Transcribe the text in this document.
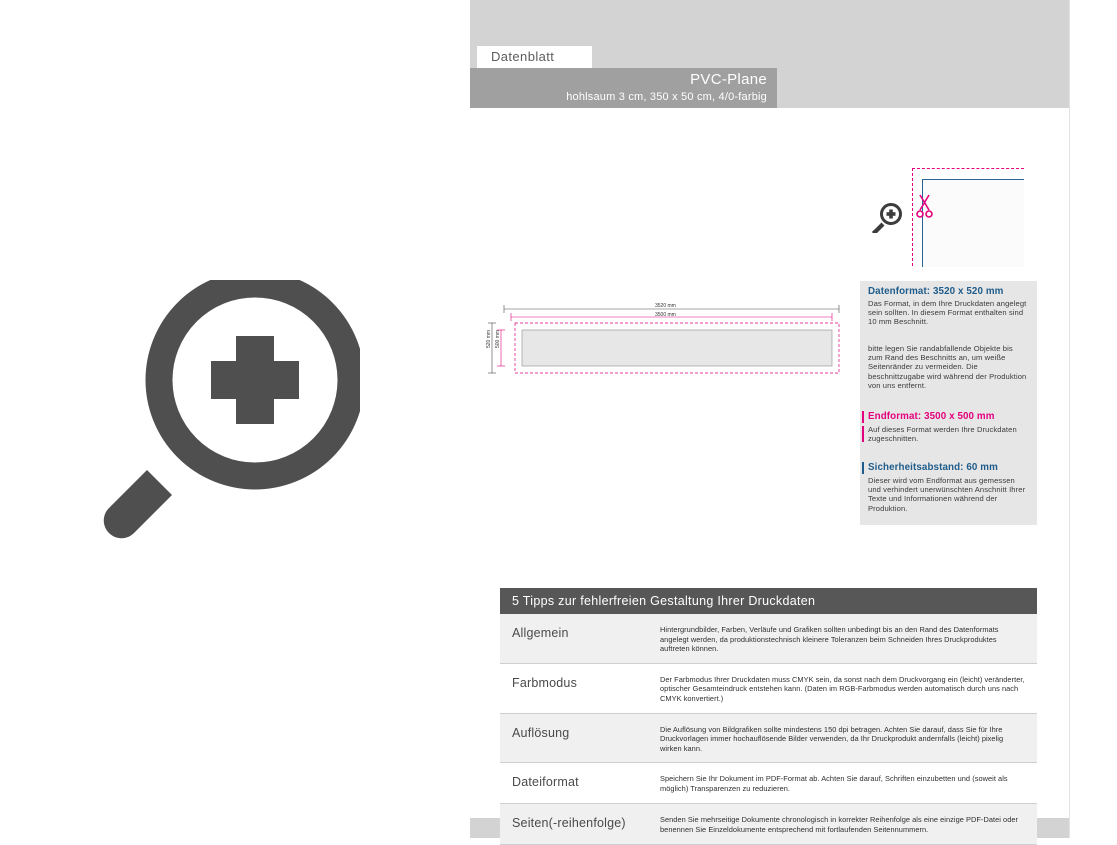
Datenblatt
PVC-Plane
hohlsaum 3 cm, 350 x 50 cm, 4/0-farbig
3520 mm
3500 mm
520 mm 500 mm
Datenformat: 3520 x 520 mm
Das Format, in dem Ihre Druckdaten angelegt sein sollten. In diesem Format enthalten sind 10 mm Beschnitt.
bitte legen Sie randabfallende Objekte bis zum Rand des Beschnitts an, um weiße Seitenränder zu vermeiden. Die beschnittzugabe wird während der Produktion von uns entfernt.
Endformat: 3500 x 500 mm
Auf dieses Format werden Ihre Druckdaten zugeschnitten.
Sicherheitsabstand: 60 mm
Dieser wird vom Endformat aus gemessen und verhindert unerwünschten Anschnitt Ihrer Texte und Informationen während der Produktion.
5 Tipps zur fehlerfreien Gestaltung Ihrer Druckdaten
Allgemein	Hintergrundbilder, Farben, Verläufe und Grafiken sollten unbedingt bis an den Rand des Datenformats angelegt werden, da produktionstechnisch kleinere Toleranzen beim Schneiden Ihres Druckproduktes auftreten können.
Farbmodus	Der Farbmodus Ihrer Druckdaten muss CMYK sein, da sonst nach dem Druckvorgang ein (leicht) veränderter, optischer Gesamteindruck entstehen kann. (Daten im RGB-Farbmodus werden automatisch durch uns nach CMYK konvertiert.)
Auflösung	Die Auflösung von Bildgrafiken sollte mindestens 150 dpi betragen. Achten Sie darauf, dass Sie für Ihre Druckvorlagen immer hochauflösende Bilder verwenden, da Ihr Druckprodukt andernfalls (leicht) pixelig wirken kann.
Dateiformat	Speichern Sie Ihr Dokument im PDF-Format ab. Achten Sie darauf, Schriften einzubetten und (soweit als möglich) Transparenzen zu reduzieren.
Seiten(-reihenfolge)	Senden Sie mehrseitige Dokumente chronologisch in korrekter Reihenfolge als eine einzige PDF-Datei oder benennen Sie Einzeldokumente entsprechend mit fortlaufenden Seitennummern.
